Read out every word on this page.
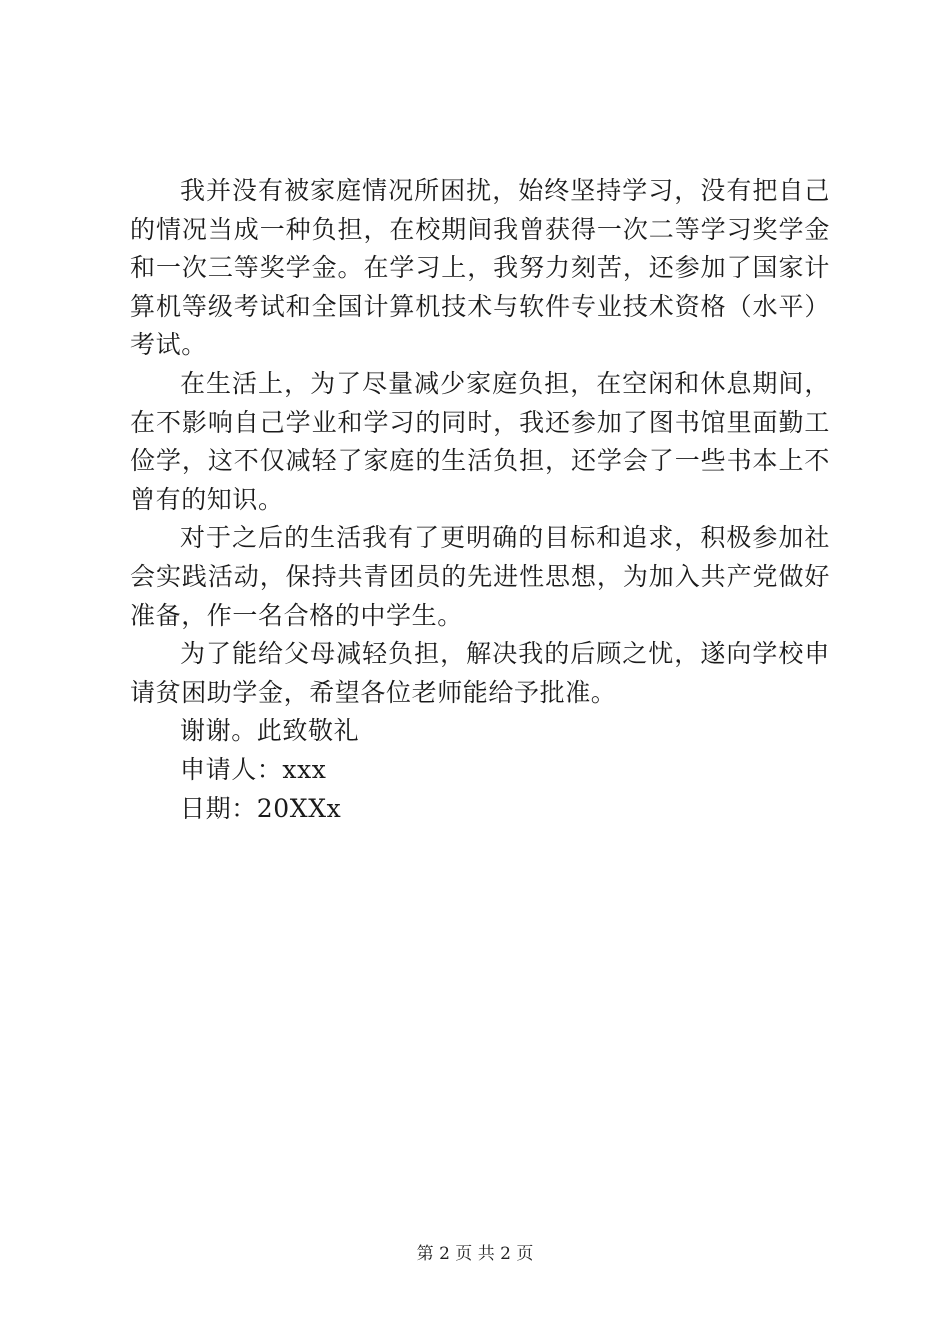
我并没有被家庭情况所困扰，始终坚持学习，没有把自己的情况当成一种负担，在校期间我曾获得一次二等学习奖学金和一次三等奖学金。在学习上，我努力刻苦，还参加了国家计算机等级考试和全国计算机技术与软件专业技术资格（水平）考试。

在生活上，为了尽量减少家庭负担，在空闲和休息期间，在不影响自己学业和学习的同时，我还参加了图书馆里面勤工俭学，这不仅减轻了家庭的生活负担，还学会了一些书本上不曾有的知识。

对于之后的生活我有了更明确的目标和追求，积极参加社会实践活动，保持共青团员的先进性思想，为加入共产党做好准备，作一名合格的中学生。

为了能给父母减轻负担，解决我的后顾之忧，遂向学校申请贫困助学金，希望各位老师能给予批准。

谢谢。此致敬礼

申请人：xxx

日期：20XXx

第 2 页 共 2 页
